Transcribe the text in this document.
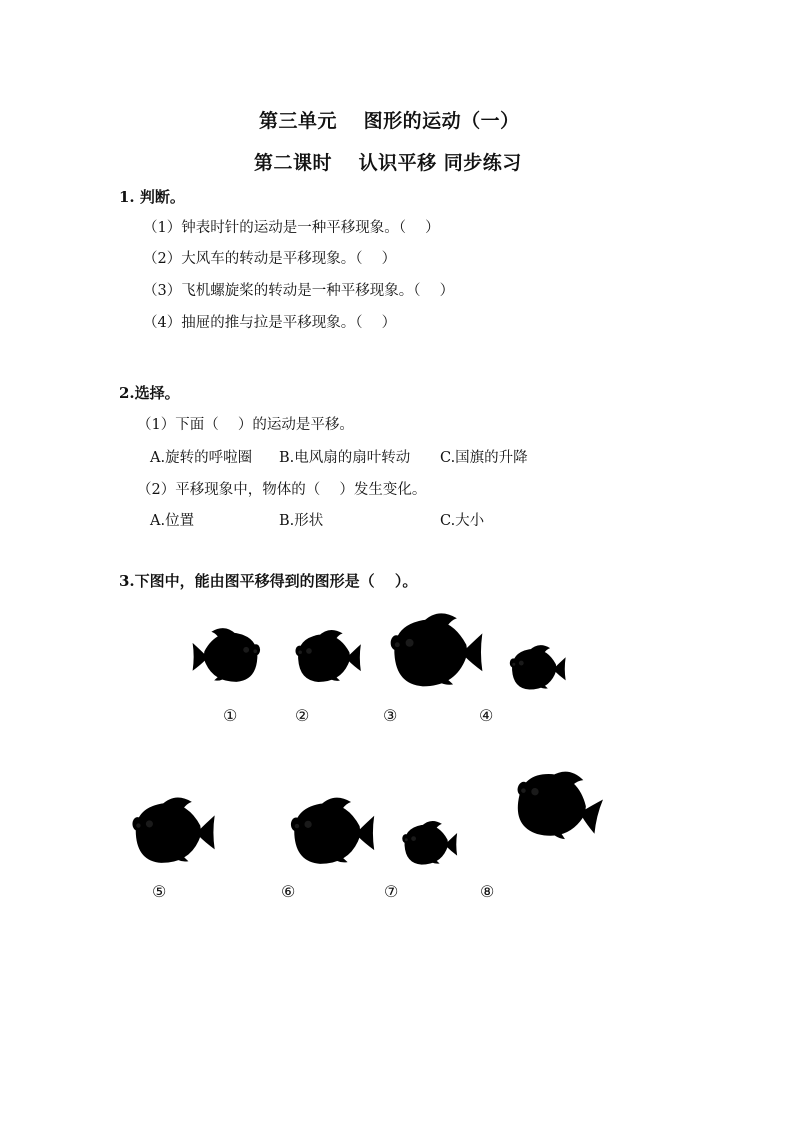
第三单元　 图形的运动（一）
第二课时　 认识平移 同步练习
1. 判断。
（1）钟表时针的运动是一种平移现象。（　 ）
（2）大风车的转动是平移现象。（　 ）
（3）飞机螺旋桨的转动是一种平移现象。（　 ）
（4）抽屉的推与拉是平移现象。（　 ）
2.选择。
（1）下面（　 ）的运动是平移。
A.旋转的呼啦圈 B.电风扇的扇叶转动 C.国旗的升降
（2）平移现象中，物体的（　 ）发生变化。
A.位置	B.形状	C.大小
3.下图中，能由图平移得到的图形是（　 ）。
①	②	③	④
⑤	⑥	⑦	⑧
